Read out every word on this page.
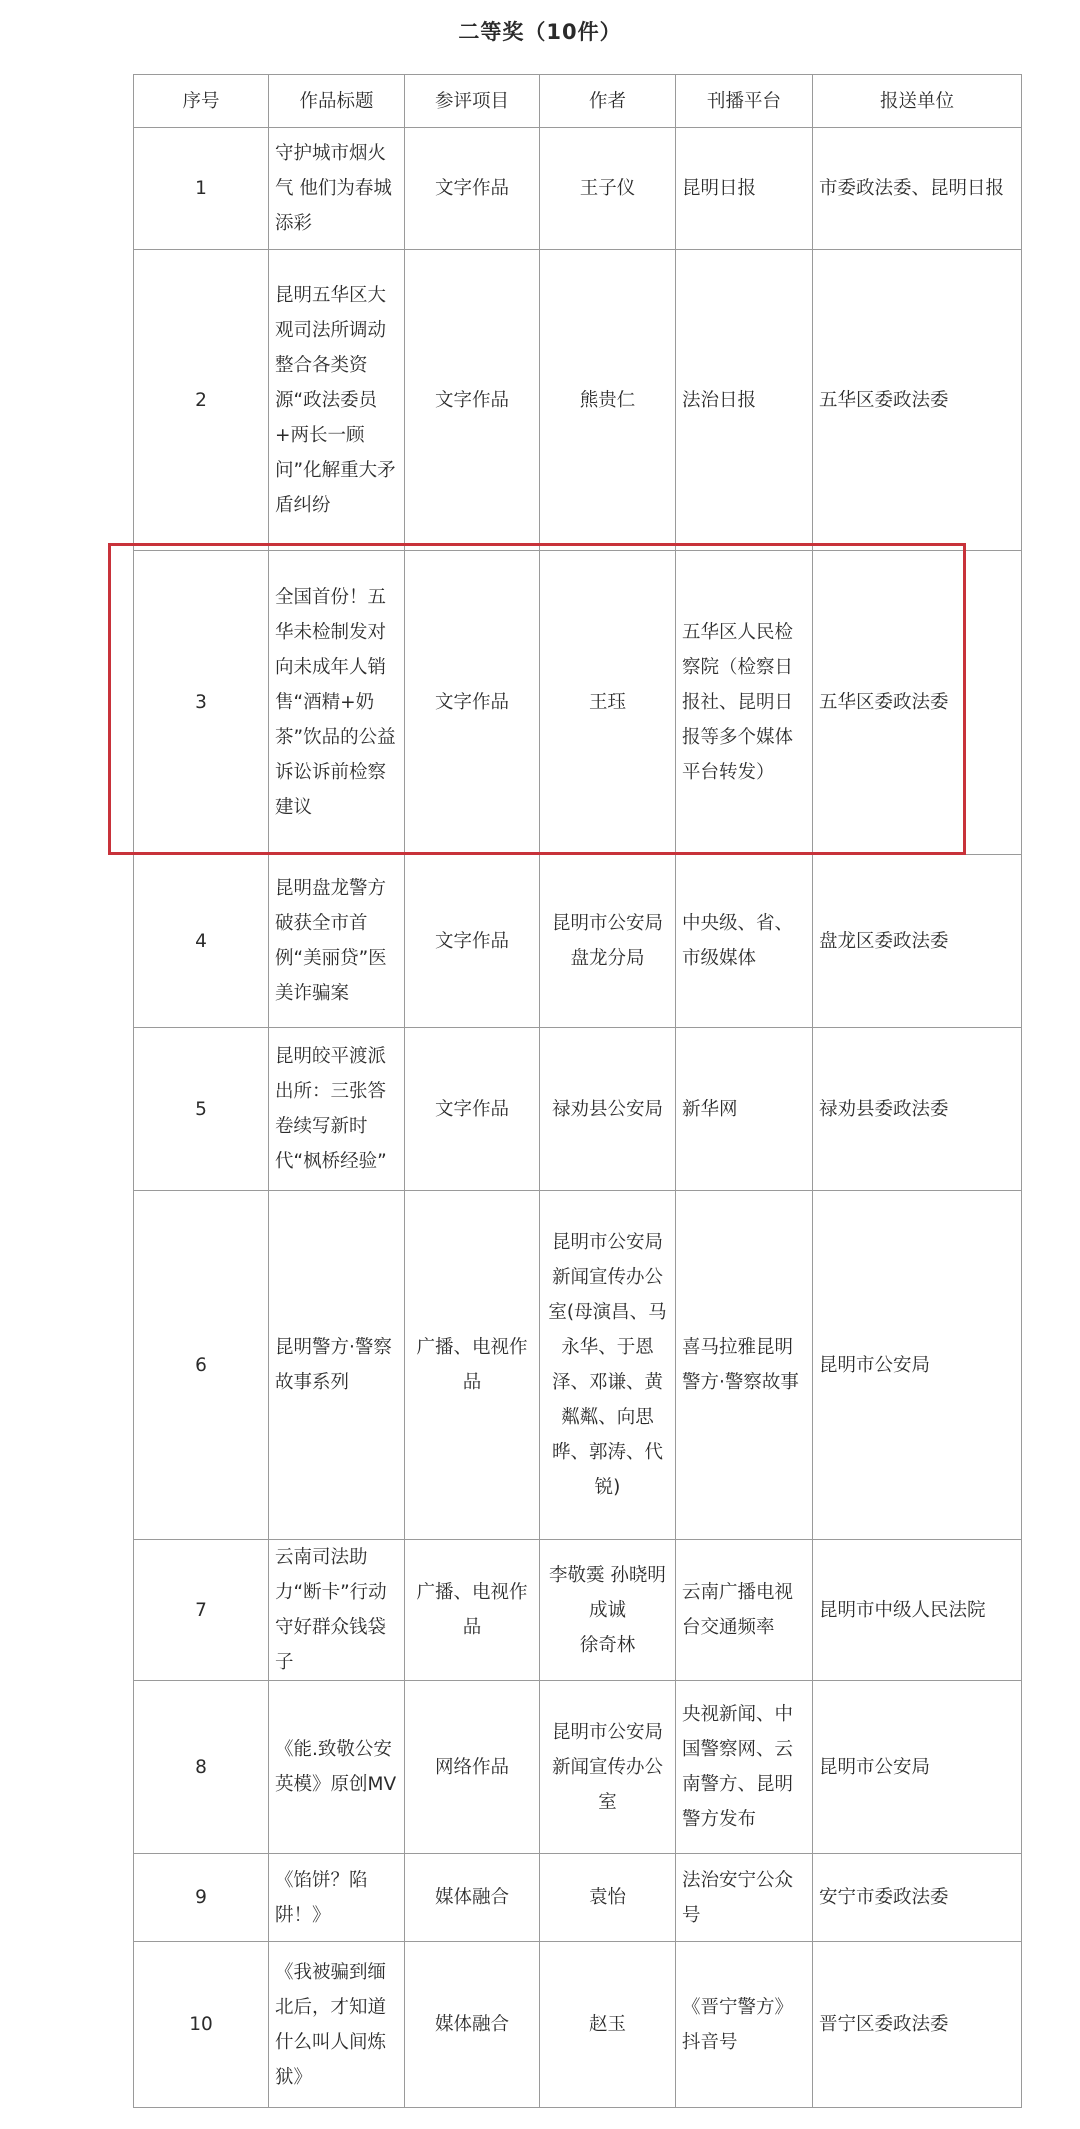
二等奖（10件）
序号	作品标题	参评项目	作者	刊播平台	报送单位
1	守护城市烟火气 他们为春城添彩	文字作品	王子仪	昆明日报	市委政法委、昆明日报
2	昆明五华区大观司法所调动整合各类资源“政法委员+两长一顾问”化解重大矛盾纠纷	文字作品	熊贵仁	法治日报	五华区委政法委
3	全国首份！五华未检制发对向未成年人销售“酒精+奶茶”饮品的公益诉讼诉前检察建议	文字作品	王珏	五华区人民检察院（检察日报社、昆明日报等多个媒体平台转发）	五华区委政法委
4	昆明盘龙警方破获全市首例“美丽贷”医美诈骗案	文字作品	昆明市公安局盘龙分局	中央级、省、市级媒体	盘龙区委政法委
5	昆明皎平渡派出所：三张答卷续写新时代“枫桥经验”	文字作品	禄劝县公安局	新华网	禄劝县委政法委
6	昆明警方·警察故事系列	广播、电视作品	昆明市公安局新闻宣传办公室(母演昌、马永华、于恩泽、邓谦、黄粼粼、向思晔、郭涛、代锐)	喜马拉雅昆明警方·警察故事	昆明市公安局
7	云南司法助力“断卡”行动 守好群众钱袋子	广播、电视作品	李敬霙 孙晓明 成诚
徐奇林	云南广播电视台交通频率	昆明市中级人民法院
8	《能.致敬公安英模》原创MV	网络作品	昆明市公安局新闻宣传办公室	央视新闻、中国警察网、云南警方、昆明警方发布	昆明市公安局
9	《馅饼？陷阱！》	媒体融合	袁怡	法治安宁公众号	安宁市委政法委
10	《我被骗到缅北后，才知道什么叫人间炼狱》	媒体融合	赵玉	《晋宁警方》抖音号	晋宁区委政法委
